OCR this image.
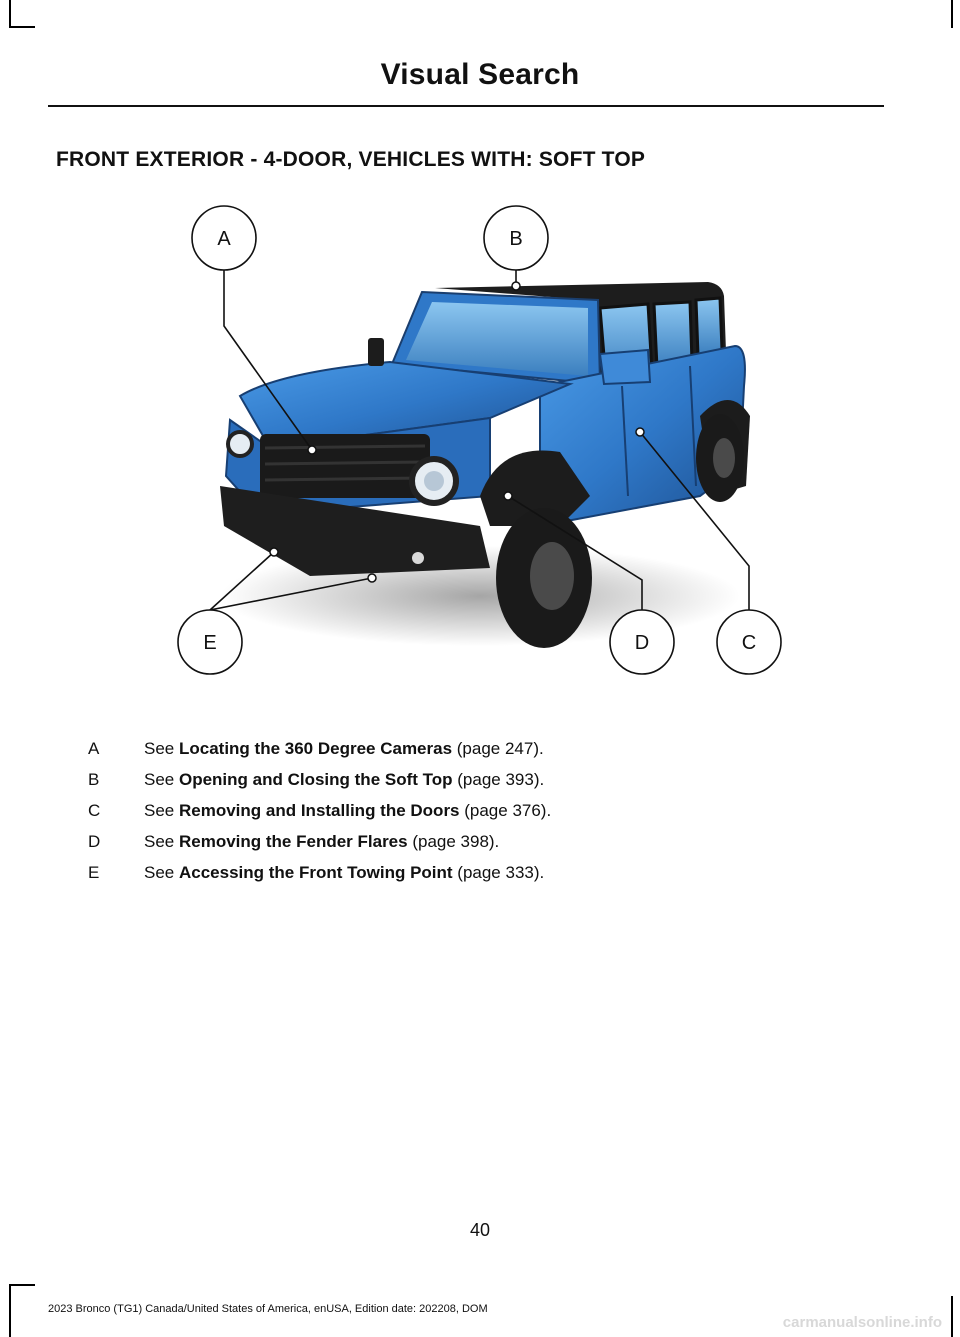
Visual Search
FRONT EXTERIOR - 4-DOOR, VEHICLES WITH: SOFT TOP
A	B
C
D
E
A	See Locating the 360 Degree Cameras (page 247).
B	See Opening and Closing the Soft Top (page 393).
C	See Removing and Installing the Doors (page 376).
D	See Removing the Fender Flares (page 398).
E	See Accessing the Front Towing Point (page 333).
40
2023 Bronco (TG1) Canada/United States of America, enUSA, Edition date: 202208, DOM
carmanualsonline.info
